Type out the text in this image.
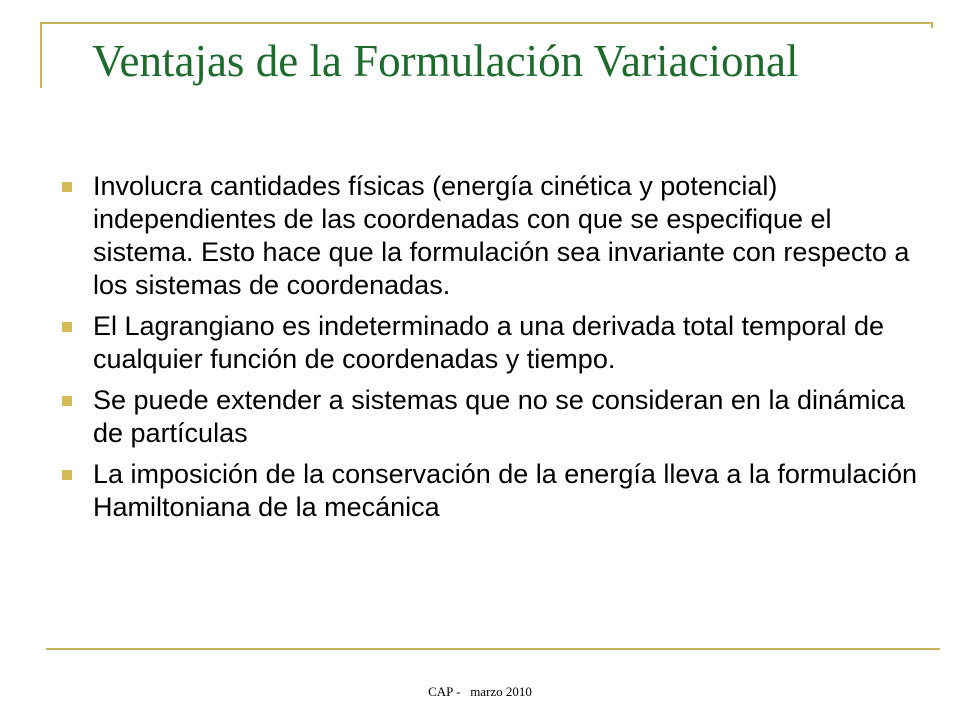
Ventajas de la Formulación Variacional
Involucra cantidades físicas (energía cinética y potencial) independientes de las coordenadas con que se especifique el sistema. Esto hace que la formulación sea invariante con respecto a los sistemas de coordenadas.
El Lagrangiano es indeterminado a una derivada total temporal de cualquier función de coordenadas y tiempo.
Se puede extender a sistemas que no se consideran en la dinámica de partículas
La imposición de la conservación de la energía lleva a la formulación Hamiltoniana de la mecánica
CAP -   marzo 2010
